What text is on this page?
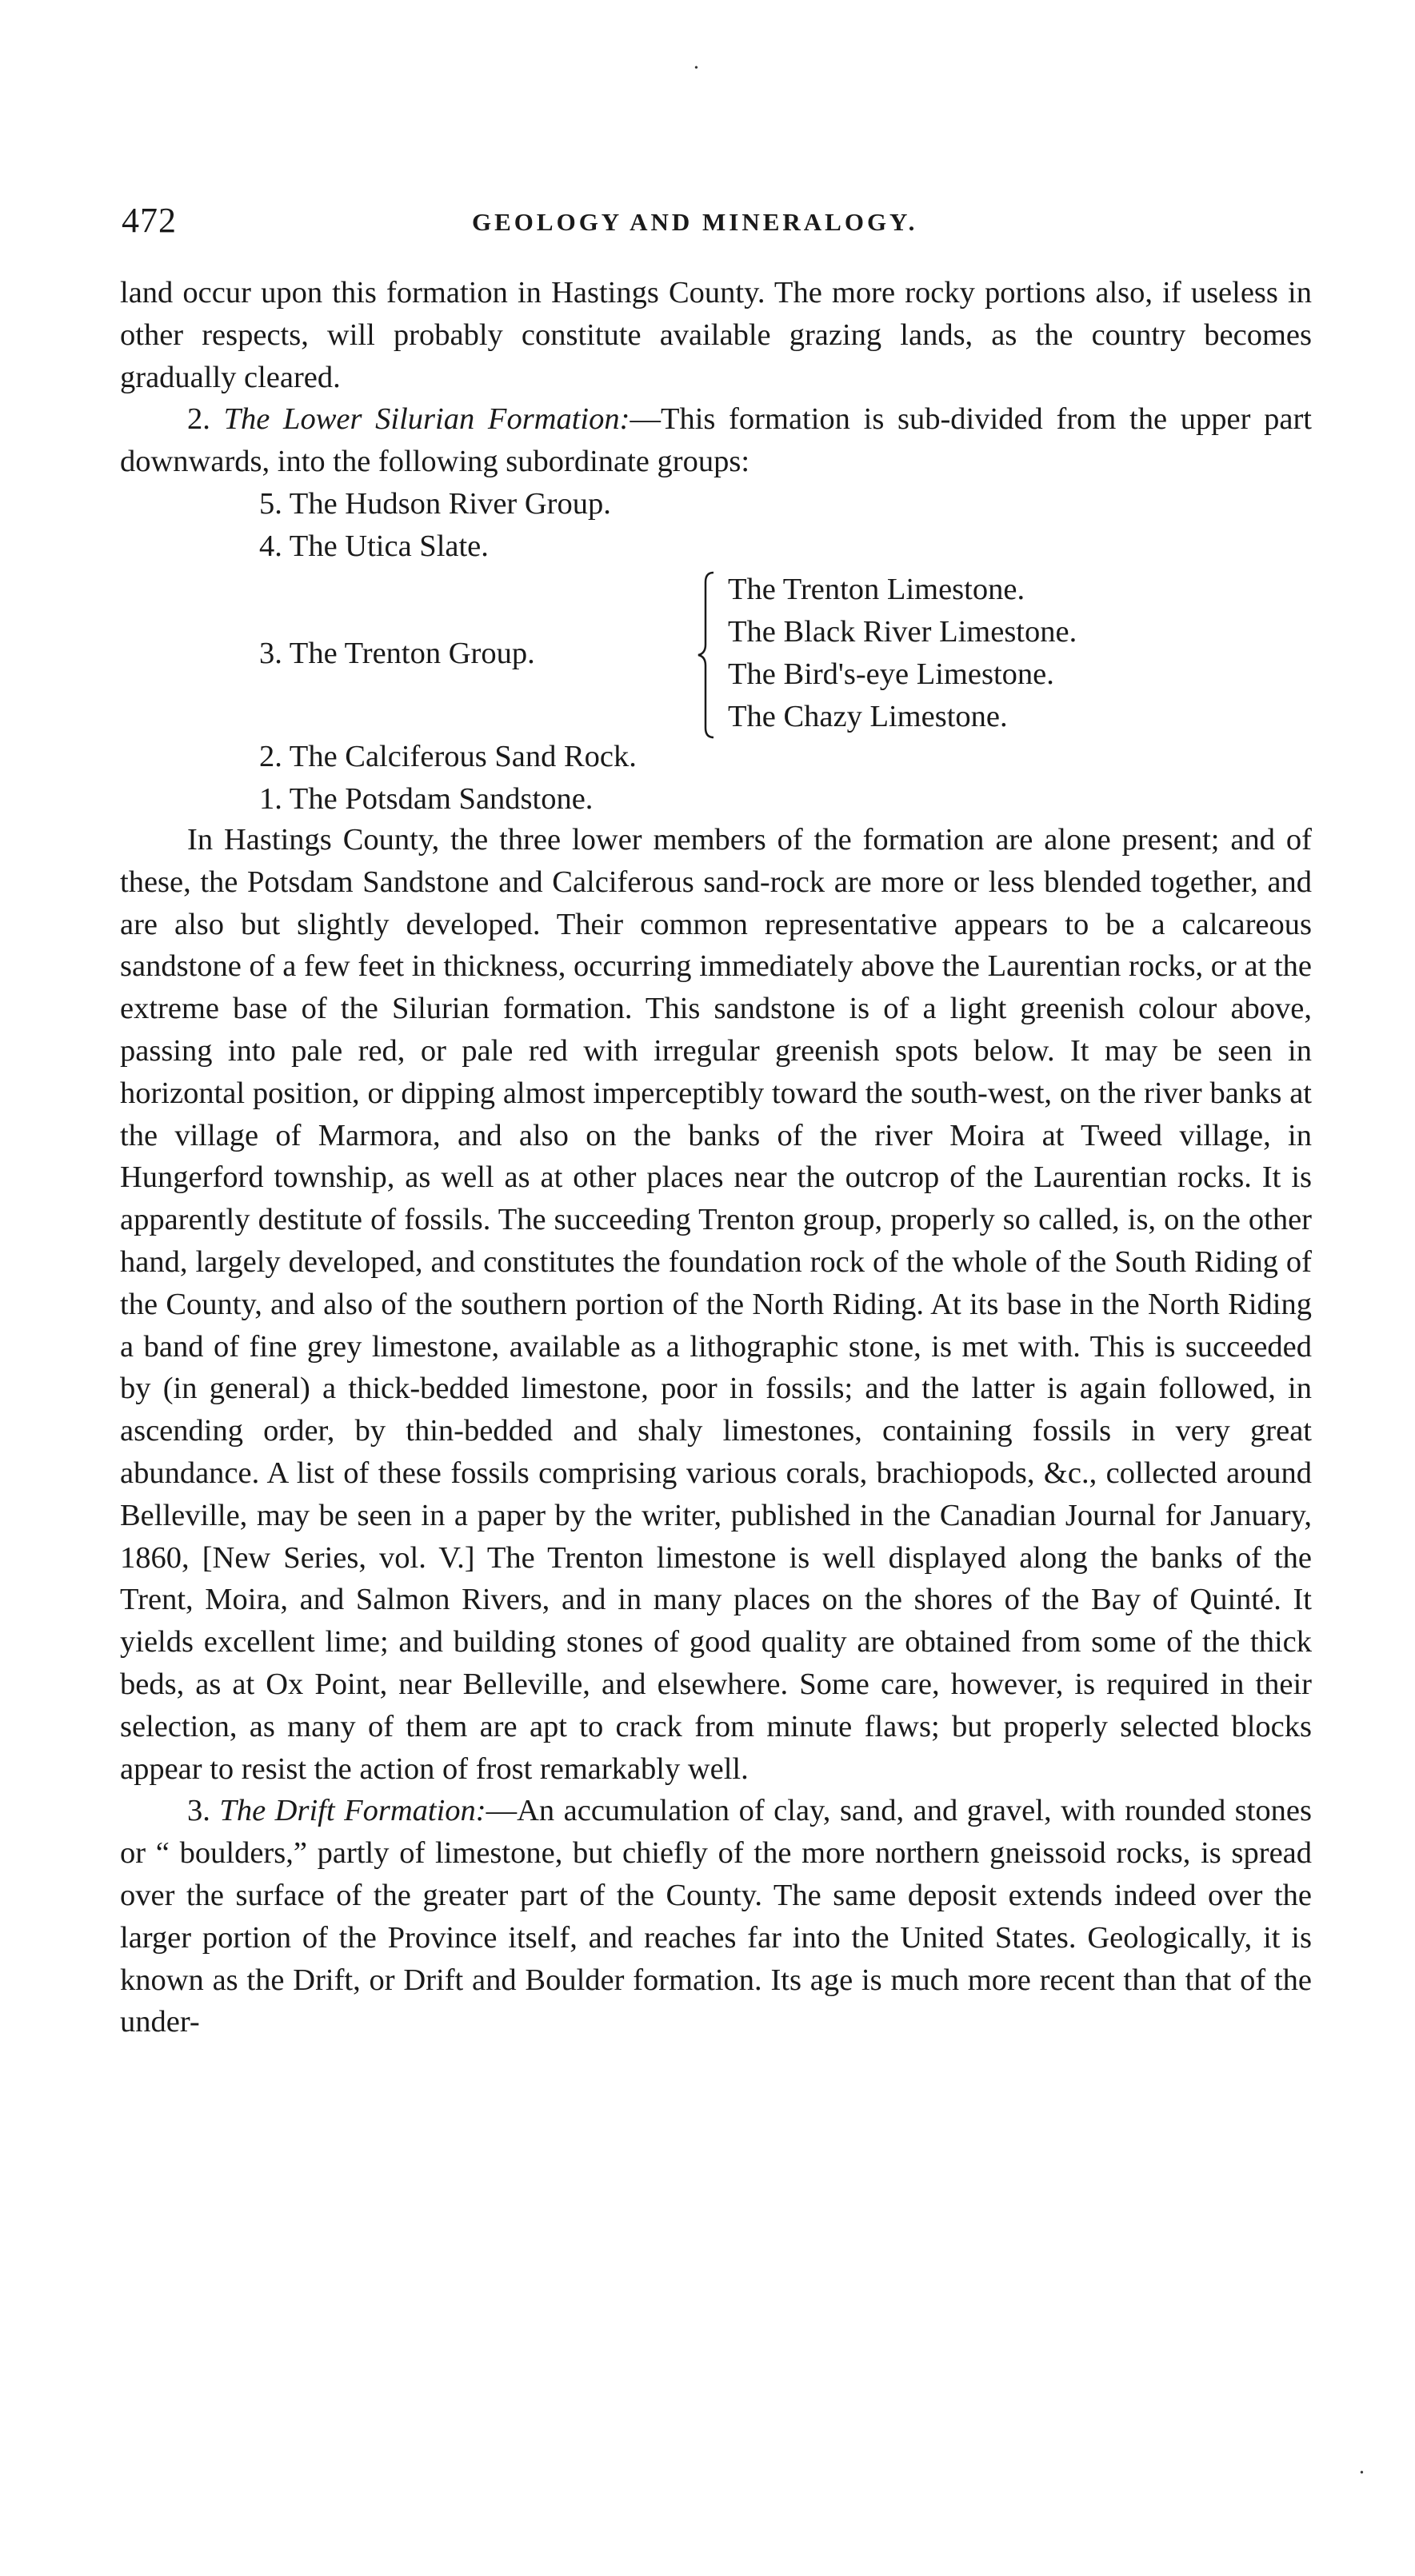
•
•
472	GEOLOGY AND MINERALOGY.

land occur upon this formation in Hastings County. The more rocky portions also, if useless in other respects, will probably constitute available grazing lands, as the country becomes gradually cleared.

2. The Lower Silurian Formation:—This formation is sub-divided from the upper part downwards, into the following subordinate groups:

5. The Hudson River Group.
4. The Utica Slate.
3. The Trenton Group.
The Trenton Limestone.
The Black River Limestone.
The Bird's-eye Limestone.
The Chazy Limestone.
2. The Calciferous Sand Rock.
1. The Potsdam Sandstone.

In Hastings County, the three lower members of the formation are alone present; and of these, the Potsdam Sandstone and Calciferous sand-rock are more or less blended together, and are also but slightly developed. Their common representative appears to be a calcareous sandstone of a few feet in thickness, occurring immediately above the Laurentian rocks, or at the extreme base of the Silurian formation. This sandstone is of a light greenish colour above, passing into pale red, or pale red with irregular greenish spots below. It may be seen in horizontal position, or dipping almost imperceptibly toward the south-west, on the river banks at the village of Marmora, and also on the banks of the river Moira at Tweed village, in Hungerford township, as well as at other places near the outcrop of the Laurentian rocks. It is apparently destitute of fossils. The succeeding Trenton group, properly so called, is, on the other hand, largely developed, and constitutes the foundation rock of the whole of the South Riding of the County, and also of the southern portion of the North Riding. At its base in the North Riding a band of fine grey limestone, available as a lithographic stone, is met with. This is succeeded by (in general) a thick-bedded limestone, poor in fossils; and the latter is again followed, in ascending order, by thin-bedded and shaly limestones, containing fossils in very great abundance. A list of these fossils comprising various corals, brachiopods, &c., collected around Belleville, may be seen in a paper by the writer, published in the Canadian Journal for January, 1860, [New Series, vol. V.] The Trenton limestone is well displayed along the banks of the Trent, Moira, and Salmon Rivers, and in many places on the shores of the Bay of Quinté. It yields excellent lime; and building stones of good quality are obtained from some of the thick beds, as at Ox Point, near Belleville, and elsewhere. Some care, however, is required in their selection, as many of them are apt to crack from minute flaws; but properly selected blocks appear to resist the action of frost remarkably well.

3. The Drift Formation:—An accumulation of clay, sand, and gravel, with rounded stones or “ boulders,” partly of limestone, but chiefly of the more northern gneissoid rocks, is spread over the surface of the greater part of the County. The same deposit extends indeed over the larger portion of the Province itself, and reaches far into the United States. Geologically, it is known as the Drift, or Drift and Boulder formation. Its age is much more recent than that of the under-
